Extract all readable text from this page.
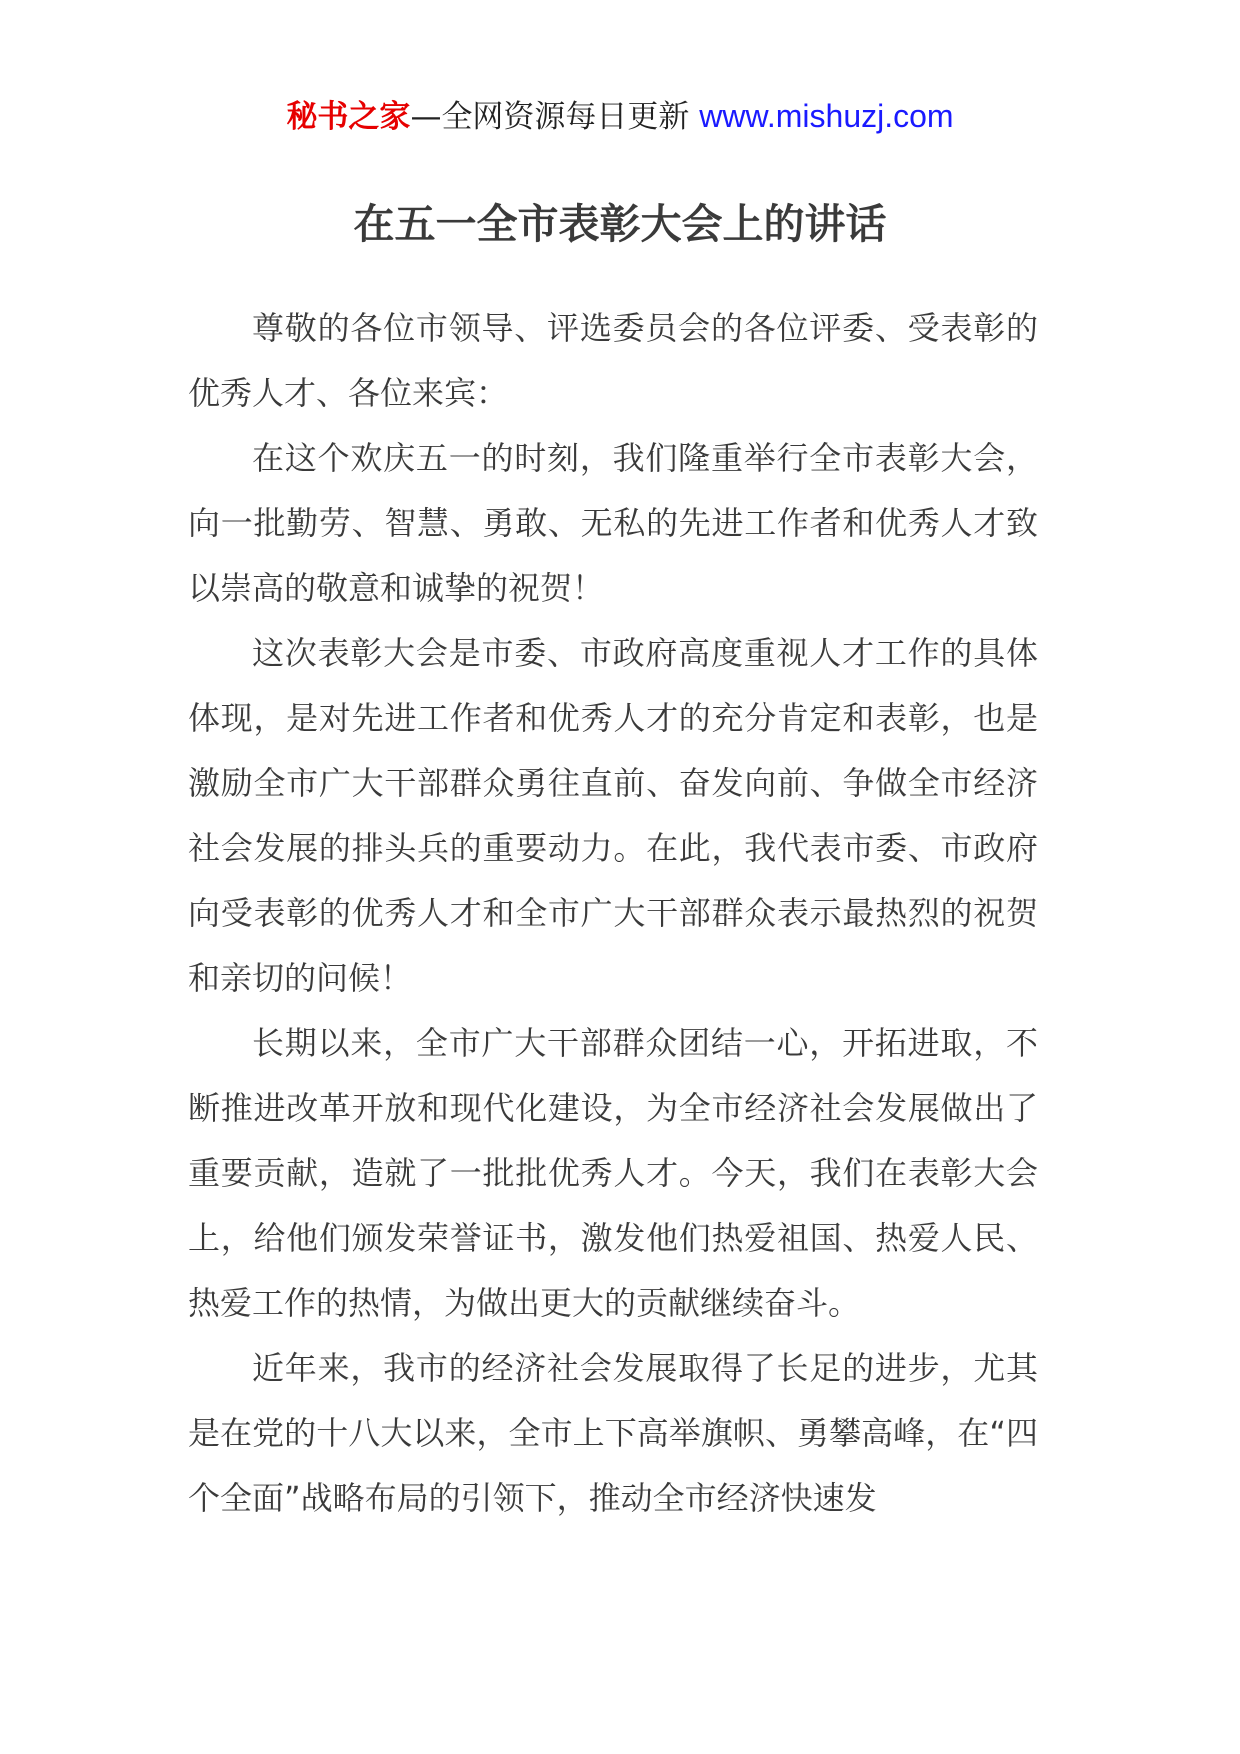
秘书之家—全网资源每日更新 www.mishuzj.com
在五一全市表彰大会上的讲话

尊敬的各位市领导、评选委员会的各位评委、受表彰的优秀人才、各位来宾：

在这个欢庆五一的时刻，我们隆重举行全市表彰大会，向一批勤劳、智慧、勇敢、无私的先进工作者和优秀人才致以崇高的敬意和诚挚的祝贺！

这次表彰大会是市委、市政府高度重视人才工作的具体体现，是对先进工作者和优秀人才的充分肯定和表彰，也是激励全市广大干部群众勇往直前、奋发向前、争做全市经济社会发展的排头兵的重要动力。在此，我代表市委、市政府向受表彰的优秀人才和全市广大干部群众表示最热烈的祝贺和亲切的问候！

长期以来，全市广大干部群众团结一心，开拓进取，不断推进改革开放和现代化建设，为全市经济社会发展做出了重要贡献，造就了一批批优秀人才。今天，我们在表彰大会上，给他们颁发荣誉证书，激发他们热爱祖国、热爱人民、热爱工作的热情，为做出更大的贡献继续奋斗。

近年来，我市的经济社会发展取得了长足的进步，尤其是在党的十八大以来，全市上下高举旗帜、勇攀高峰，在“四个全面”战略布局的引领下，推动全市经济快速发
